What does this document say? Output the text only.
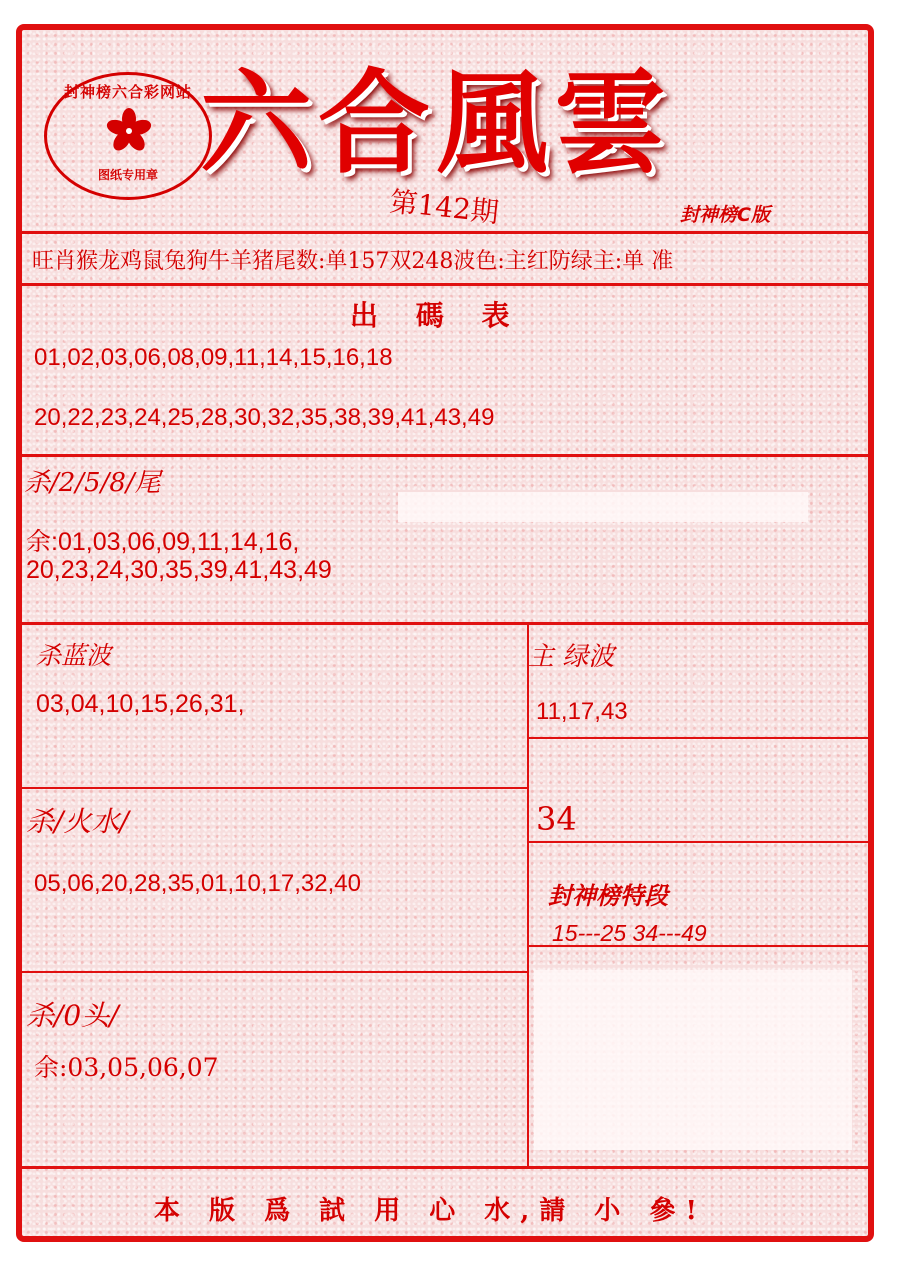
封神榜六合彩网站
图纸专用章 六合風雲
第142期	封神榜C版
旺肖猴龙鸡鼠兔狗牛羊猪尾数:单157双248波色:主红防绿主:单 准
出 碼 表
01,02,03,06,08,09,11,14,15,16,18
20,22,23,24,25,28,30,32,35,38,39,41,43,49
杀/2/5/8/尾
余:01,03,06,09,11,14,16,
20,23,24,30,35,39,41,43,49
杀蓝波
03,04,10,15,26,31,
主 绿波
11,17,43
34
杀/火水/
05,06,20,28,35,01,10,17,32,40	封神榜特段
15---25 34---49
杀/0头/
余:03,05,06,07
本 版 爲 試 用 心 水,請 小 參!
